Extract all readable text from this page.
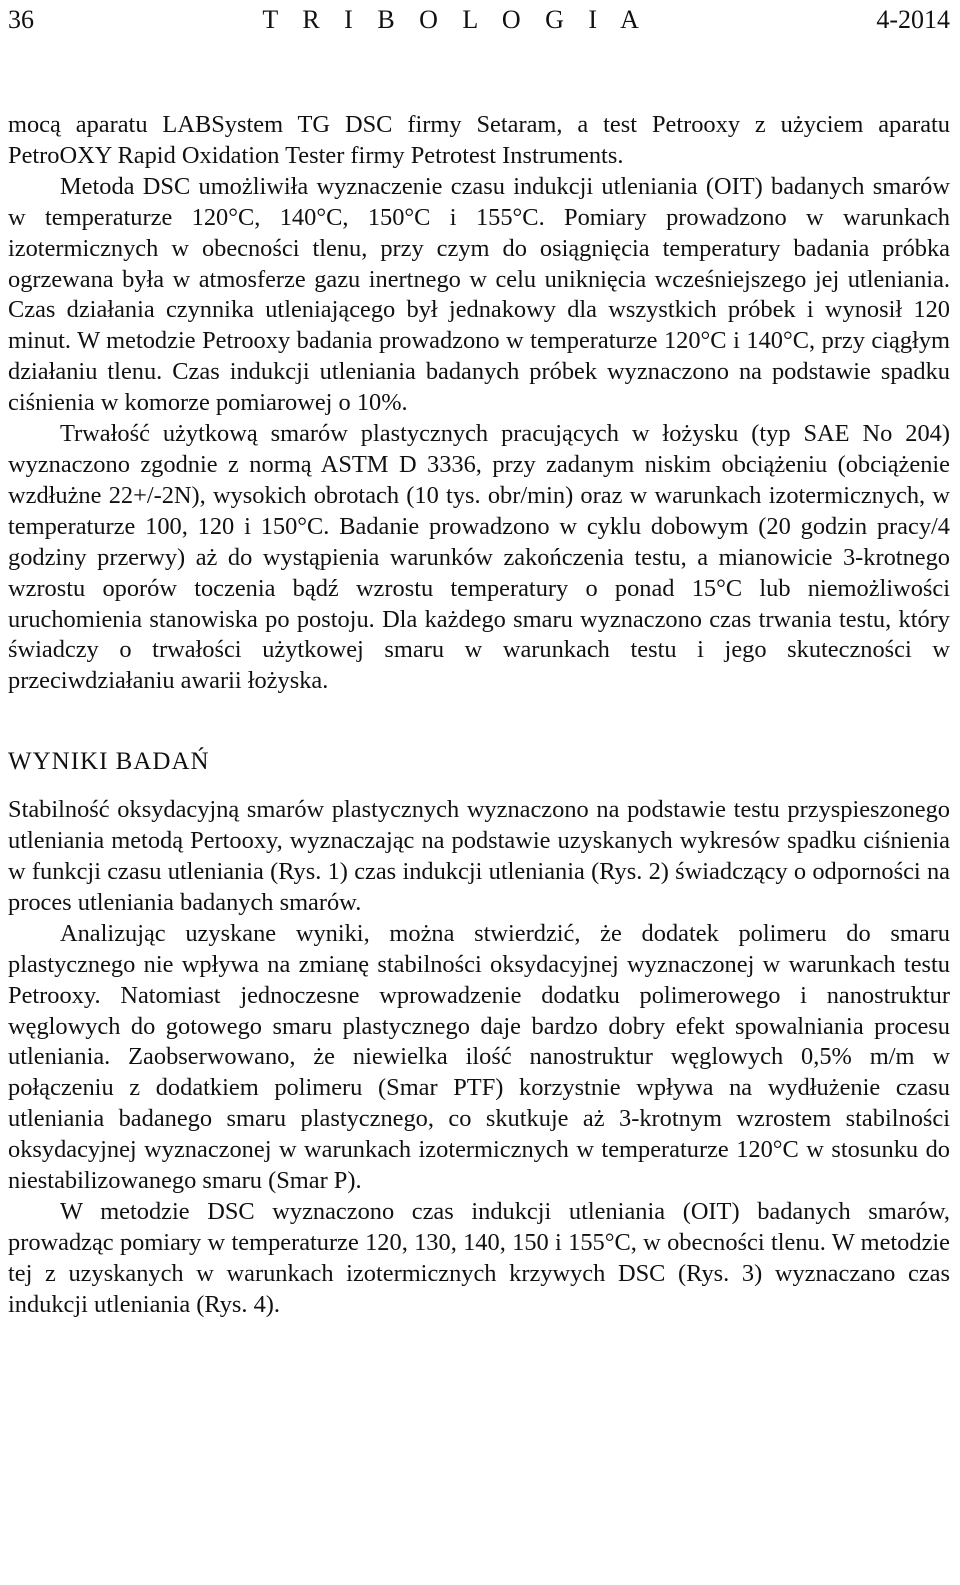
36	T R I B O L O G I A	4-2014

mocą aparatu LABSystem TG DSC firmy Setaram, a test Petrooxy z użyciem aparatu PetroOXY Rapid Oxidation Tester firmy Petrotest Instruments.

Metoda DSC umożliwiła wyznaczenie czasu indukcji utleniania (OIT) badanych smarów w temperaturze 120°C, 140°C, 150°C i 155°C. Pomiary prowadzono w warunkach izotermicznych w obecności tlenu, przy czym do osiągnięcia temperatury badania próbka ogrzewana była w atmosferze gazu inertnego w celu uniknięcia wcześniejszego jej utleniania. Czas działania czynnika utleniającego był jednakowy dla wszystkich próbek i wynosił 120 minut. W metodzie Petrooxy badania prowadzono w temperaturze 120°C i 140°C, przy ciągłym działaniu tlenu. Czas indukcji utleniania badanych próbek wyznaczono na podstawie spadku ciśnienia w komorze pomiarowej o 10%.

Trwałość użytkową smarów plastycznych pracujących w łożysku (typ SAE No 204) wyznaczono zgodnie z normą ASTM D 3336, przy zadanym niskim obciążeniu (obciążenie wzdłużne 22+/-2N), wysokich obrotach (10 tys. obr/min) oraz w warunkach izotermicznych, w temperaturze 100, 120 i 150°C. Badanie prowadzono w cyklu dobowym (20 godzin pracy/4 godziny przerwy) aż do wystąpienia warunków zakończenia testu, a mianowicie 3-krotnego wzrostu oporów toczenia bądź wzrostu temperatury o ponad 15°C lub niemożliwości uruchomienia stanowiska po postoju. Dla każdego smaru wyznaczono czas trwania testu, który świadczy o trwałości użytkowej smaru w warunkach testu i jego skuteczności w przeciwdziałaniu awarii łożyska.

WYNIKI BADAŃ

Stabilność oksydacyjną smarów plastycznych wyznaczono na podstawie testu przyspieszonego utleniania metodą Pertooxy, wyznaczając na podstawie uzyskanych wykresów spadku ciśnienia w funkcji czasu utleniania (Rys. 1) czas indukcji utleniania (Rys. 2) świadczący o odporności na proces utleniania badanych smarów.

Analizując uzyskane wyniki, można stwierdzić, że dodatek polimeru do smaru plastycznego nie wpływa na zmianę stabilności oksydacyjnej wyznaczonej w warunkach testu Petrooxy. Natomiast jednoczesne wprowadzenie dodatku polimerowego i nanostruktur węglowych do gotowego smaru plastycznego daje bardzo dobry efekt spowalniania procesu utleniania. Zaobserwowano, że niewielka ilość nanostruktur węglowych 0,5% m/m w połączeniu z dodatkiem polimeru (Smar PTF) korzystnie wpływa na wydłużenie czasu utleniania badanego smaru plastycznego, co skutkuje aż 3-krotnym wzrostem stabilności oksydacyjnej wyznaczonej w warunkach izotermicznych w temperaturze 120°C w stosunku do niestabilizowanego smaru (Smar P).

W metodzie DSC wyznaczono czas indukcji utleniania (OIT) badanych smarów, prowadząc pomiary w temperaturze 120, 130, 140, 150 i 155°C, w obecności tlenu. W metodzie tej z uzyskanych w warunkach izotermicznych krzywych DSC (Rys. 3) wyznaczano czas indukcji utleniania (Rys. 4).
